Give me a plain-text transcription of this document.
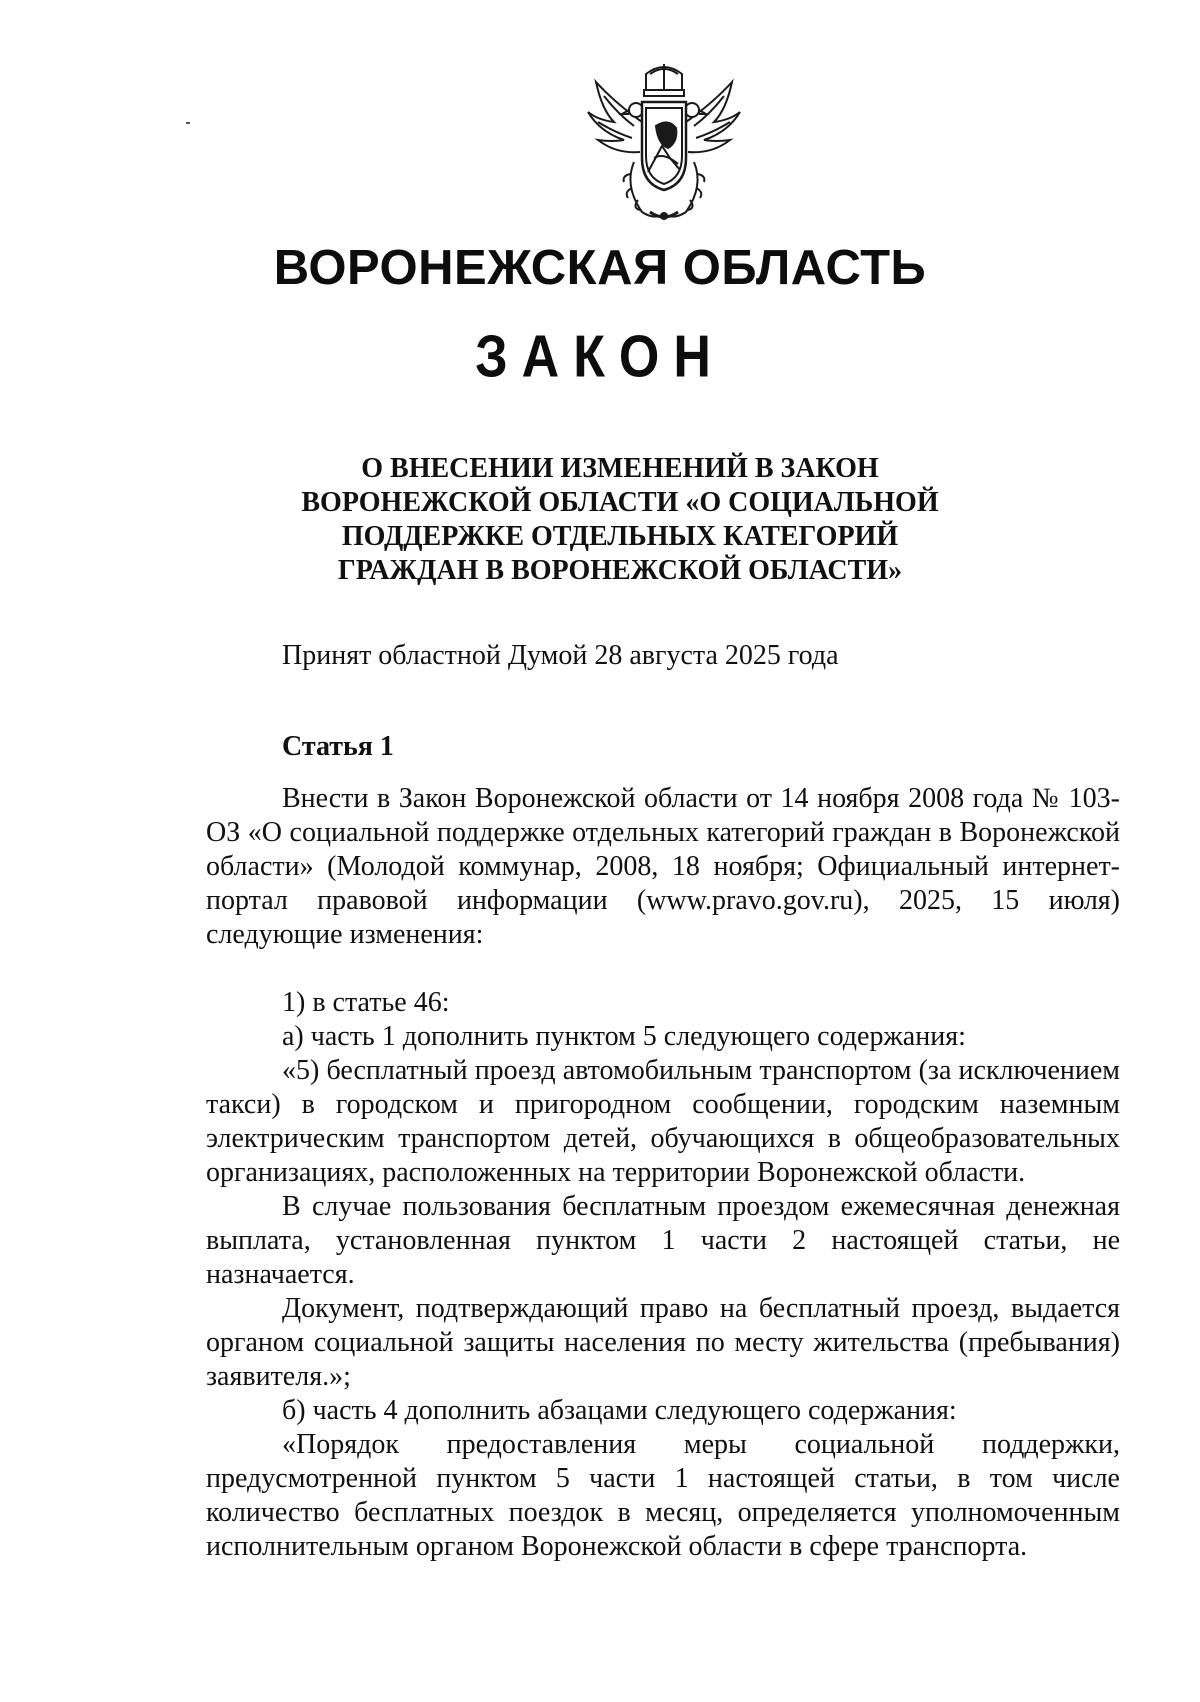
ВОРОНЕЖСКАЯ ОБЛАСТЬ
ЗАКОН
О ВНЕСЕНИИ ИЗМЕНЕНИЙ В ЗАКОН
ВОРОНЕЖСКОЙ ОБЛАСТИ «О СОЦИАЛЬНОЙ
ПОДДЕРЖКЕ ОТДЕЛЬНЫХ КАТЕГОРИЙ
ГРАЖДАН В ВОРОНЕЖСКОЙ ОБЛАСТИ»
Принят областной Думой 28 августа 2025 года
Статья 1

Внести в Закон Воронежской области от 14 ноября 2008 года № 103-ОЗ «О социальной поддержке отдельных категорий граждан в Воронежской области» (Молодой коммунар, 2008, 18 ноября; Официальный интернет-портал правовой информации (www.pravo.gov.ru), 2025, 15 июля) следующие изменения:

1) в статье 46:

а) часть 1 дополнить пунктом 5 следующего содержания:

«5) бесплатный проезд автомобильным транспортом (за исключением такси) в городском и пригородном сообщении, городским наземным электрическим транспортом детей, обучающихся в общеобразовательных организациях, расположенных на территории Воронежской области.

В случае пользования бесплатным проездом ежемесячная денежная выплата, установленная пунктом 1 части 2 настоящей статьи, не назначается.

Документ, подтверждающий право на бесплатный проезд, выдается органом социальной защиты населения по месту жительства (пребывания) заявителя.»;

б) часть 4 дополнить абзацами следующего содержания:

«Порядок предоставления меры социальной поддержки, предусмотренной пунктом 5 части 1 настоящей статьи, в том числе количество бесплатных поездок в месяц, определяется уполномоченным исполнительным органом Воронежской области в сфере транспорта.
